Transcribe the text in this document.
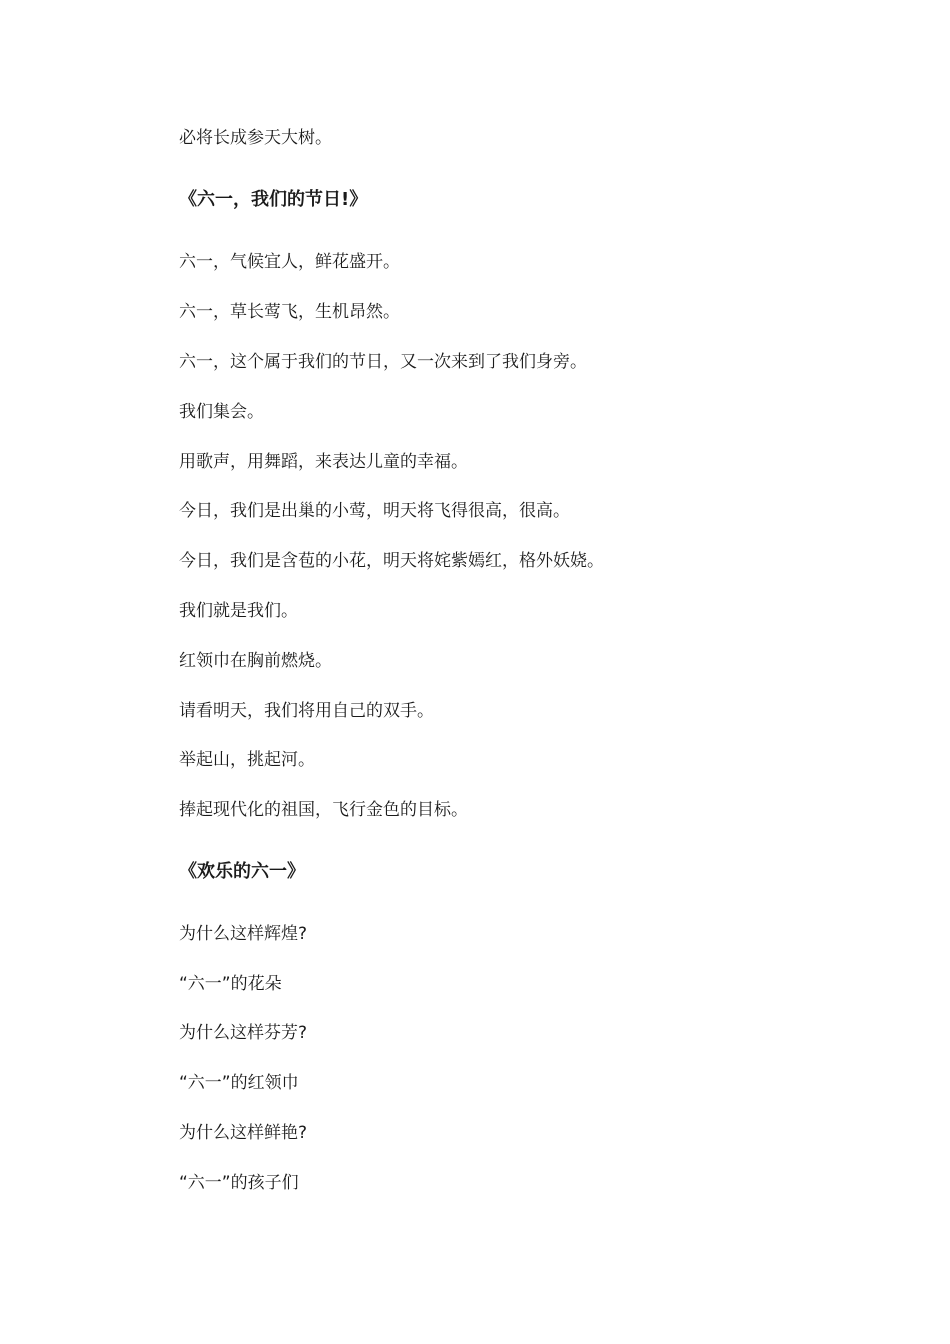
必将长成参天大树。

《六一，我们的节日!》

六一，气候宜人，鲜花盛开。

六一，草长莺飞，生机昂然。

六一，这个属于我们的节日，又一次来到了我们身旁。

我们集会。

用歌声，用舞蹈，来表达儿童的幸福。

今日，我们是出巢的小莺，明天将飞得很高，很高。

今日，我们是含苞的小花，明天将姹紫嫣红，格外妖娆。

我们就是我们。

红领巾在胸前燃烧。

请看明天，我们将用自己的双手。

举起山，挑起河。

捧起现代化的祖国，飞行金色的目标。

《欢乐的六一》

为什么这样辉煌?

“六一”的花朵

为什么这样芬芳?

“六一”的红领巾

为什么这样鲜艳?

“六一”的孩子们
